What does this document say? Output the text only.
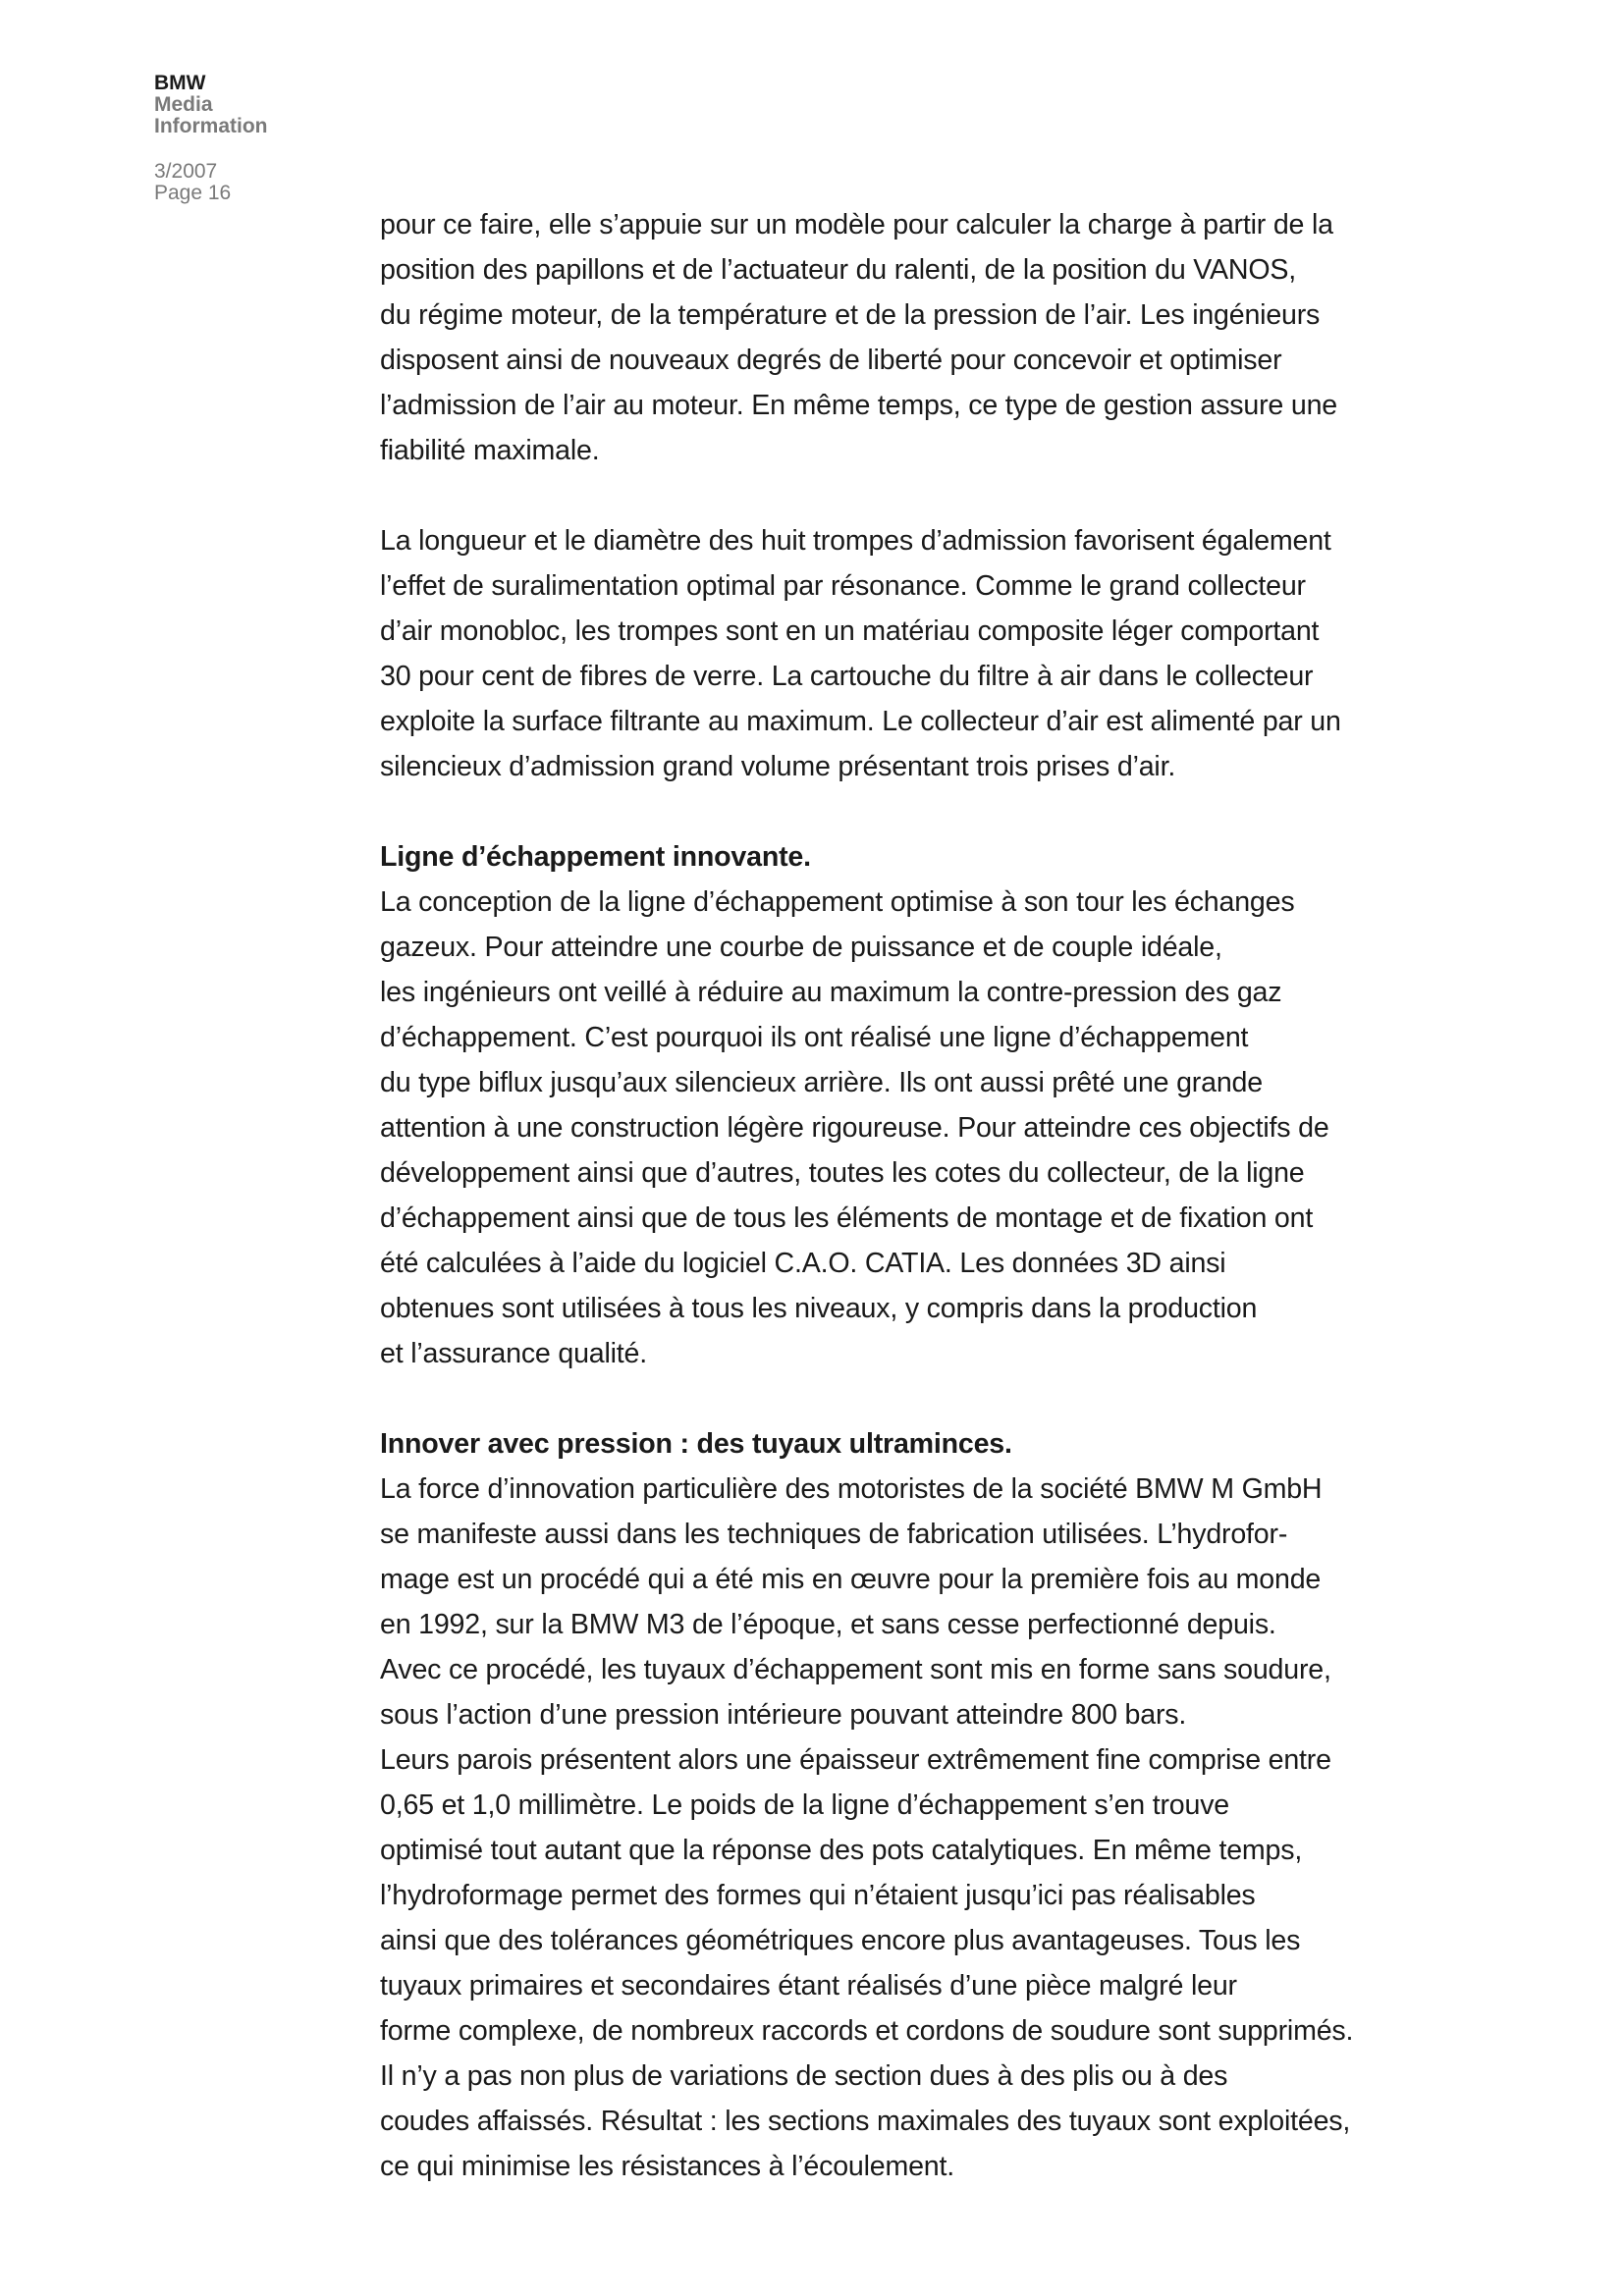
BMW
Media
Information
3/2007
Page 16

pour ce faire, elle s’appuie sur un modèle pour calculer la charge à partir de la

position des papillons et de l’actuateur du ralenti, de la position du VANOS,

du régime moteur, de la température et de la pression de l’air. Les ingénieurs

disposent ainsi de nouveaux degrés de liberté pour concevoir et optimiser

l’admission de l’air au moteur. En même temps, ce type de gestion assure une

fiabilité maximale.

La longueur et le diamètre des huit trompes d’admission favorisent également

l’effet de suralimentation optimal par résonance. Comme le grand collecteur

d’air monobloc, les trompes sont en un matériau composite léger comportant

30 pour cent de fibres de verre. La cartouche du filtre à air dans le collecteur

exploite la surface filtrante au maximum. Le collecteur d’air est alimenté par un

silencieux d’admission grand volume présentant trois prises d’air.

Ligne d’échappement innovante.

La conception de la ligne d’échappement optimise à son tour les échanges

gazeux. Pour atteindre une courbe de puissance et de couple idéale,

les ingénieurs ont veillé à réduire au maximum la contre-pression des gaz

d’échappement. C’est pourquoi ils ont réalisé une ligne d’échappement

du type biflux jusqu’aux silencieux arrière. Ils ont aussi prêté une grande

attention à une construction légère rigoureuse. Pour atteindre ces objectifs de

développement ainsi que d’autres, toutes les cotes du collecteur, de la ligne

d’échappement ainsi que de tous les éléments de montage et de fixation ont

été calculées à l’aide du logiciel C.A.O. CATIA. Les données 3D ainsi

obtenues sont utilisées à tous les niveaux, y compris dans la production

et l’assurance qualité.

Innover avec pression : des tuyaux ultraminces.

La force d’innovation particulière des motoristes de la société BMW M GmbH

se manifeste aussi dans les techniques de fabrication utilisées. L’hydrofor-

mage est un procédé qui a été mis en œuvre pour la première fois au monde

en 1992, sur la BMW M3 de l’époque, et sans cesse perfectionné depuis.

Avec ce procédé, les tuyaux d’échappement sont mis en forme sans soudure,

sous l’action d’une pression intérieure pouvant atteindre 800 bars.

Leurs parois présentent alors une épaisseur extrêmement fine comprise entre

0,65 et 1,0 millimètre. Le poids de la ligne d’échappement s’en trouve

optimisé tout autant que la réponse des pots catalytiques. En même temps,

l’hydroformage permet des formes qui n’étaient jusqu’ici pas réalisables

ainsi que des tolérances géométriques encore plus avantageuses. Tous les

tuyaux primaires et secondaires étant réalisés d’une pièce malgré leur

forme complexe, de nombreux raccords et cordons de soudure sont supprimés.

Il n’y a pas non plus de variations de section dues à des plis ou à des

coudes affaissés. Résultat : les sections maximales des tuyaux sont exploitées,

ce qui minimise les résistances à l’écoulement.
